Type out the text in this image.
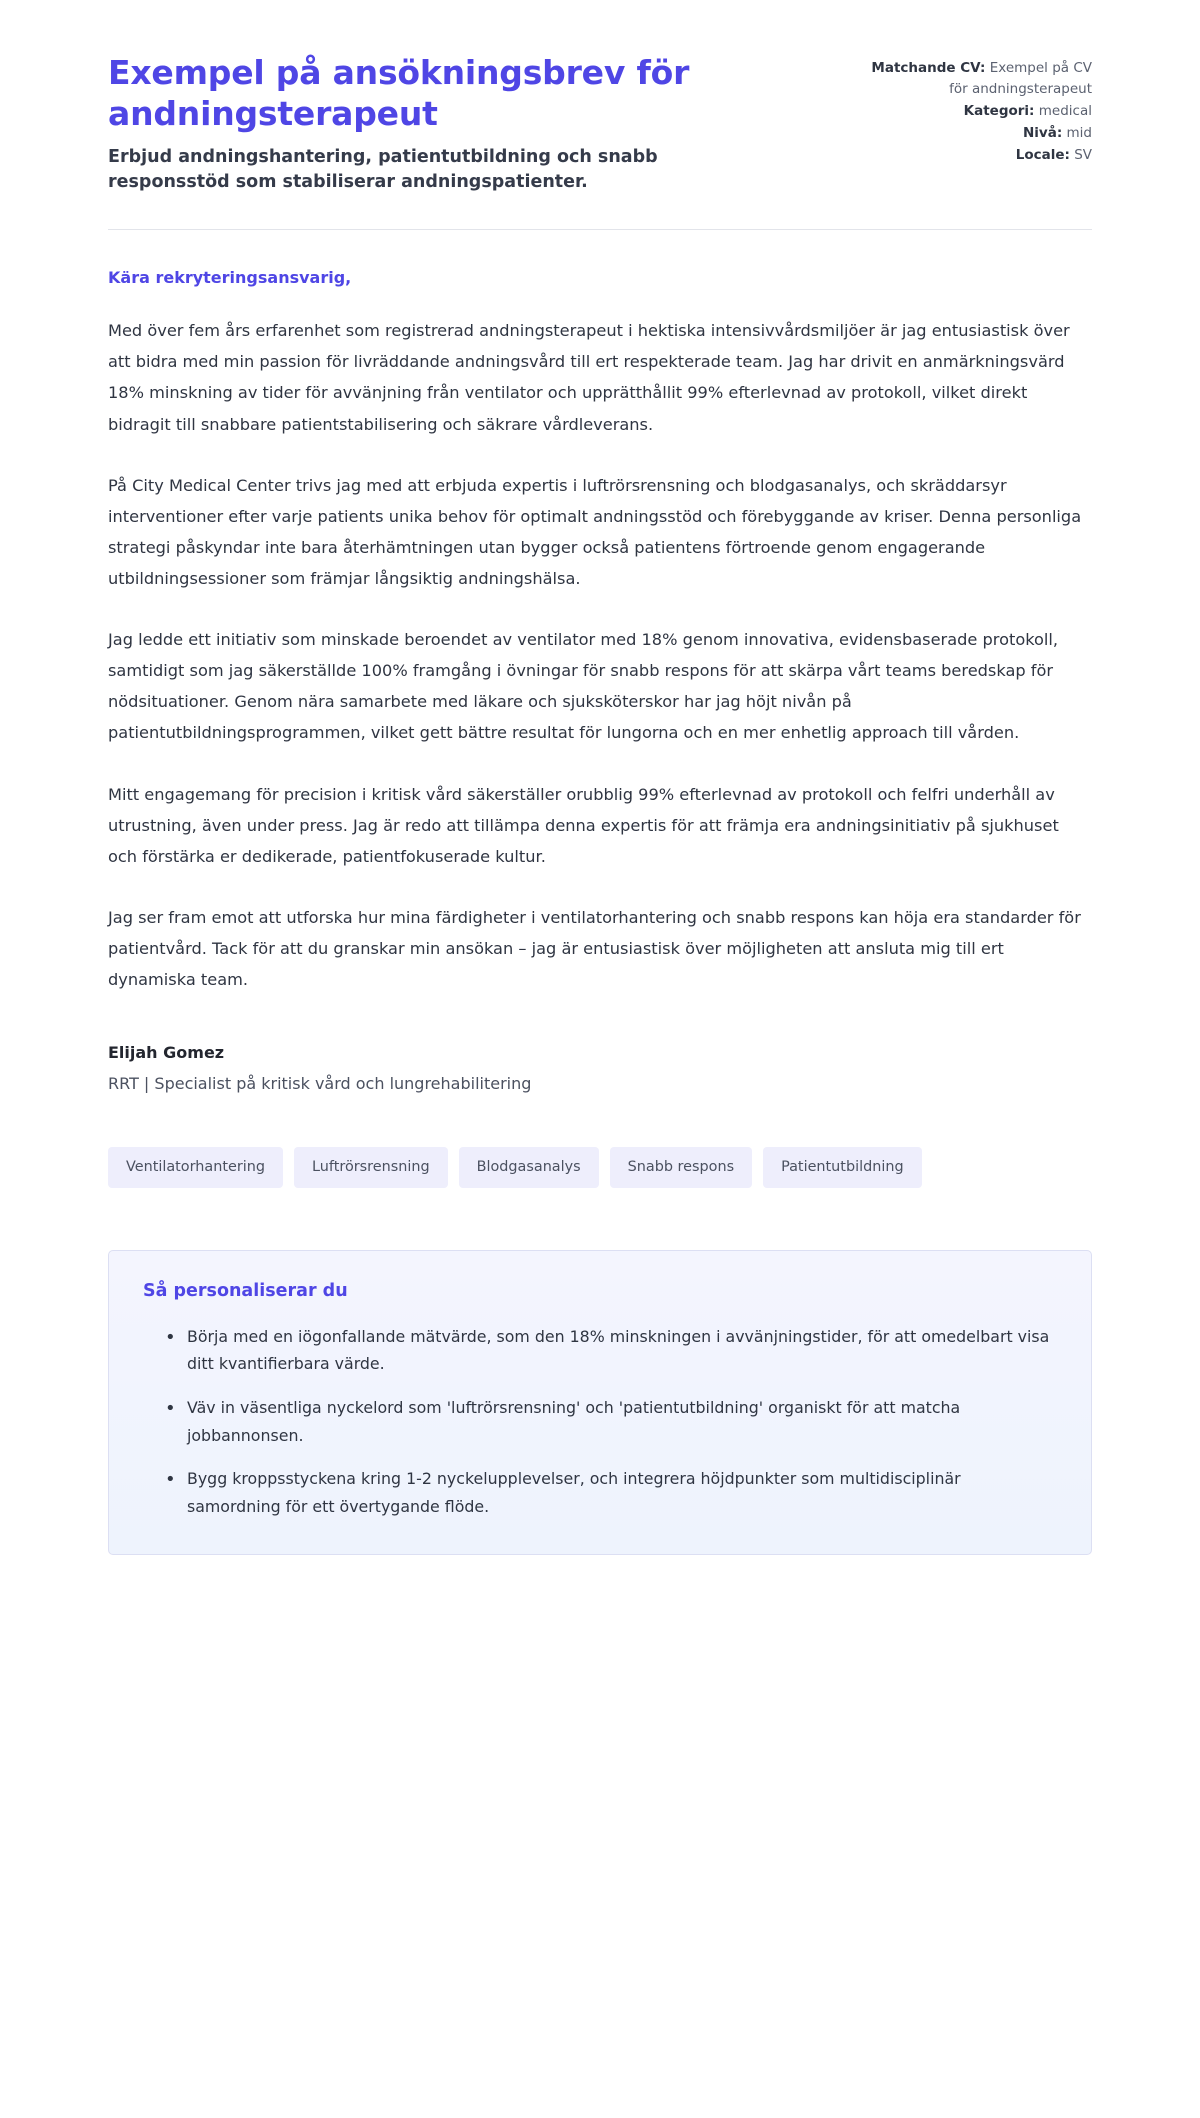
Exempel på ansökningsbrev för andningsterapeut

Erbjud andningshantering, patientutbildning och snabb responsstöd som stabiliserar andningspatienter.

Matchande CV: Exempel på CV för andningsterapeut
Kategori: medical
Nivå: mid
Locale: SV

Kära rekryteringsansvarig,

Med över fem års erfarenhet som registrerad andningsterapeut i hektiska intensivvårdsmiljöer är jag entusiastisk över att bidra med min passion för livräddande andningsvård till ert respekterade team. Jag har drivit en anmärkningsvärd 18% minskning av tider för avvänjning från ventilator och upprätthållit 99% efterlevnad av protokoll, vilket direkt bidragit till snabbare patientstabilisering och säkrare vårdleverans.

På City Medical Center trivs jag med att erbjuda expertis i luftrörsrensning och blodgasanalys, och skräddarsyr interventioner efter varje patients unika behov för optimalt andningsstöd och förebyggande av kriser. Denna personliga strategi påskyndar inte bara återhämtningen utan bygger också patientens förtroende genom engagerande utbildningsessioner som främjar långsiktig andningshälsa.

Jag ledde ett initiativ som minskade beroendet av ventilator med 18% genom innovativa, evidensbaserade protokoll, samtidigt som jag säkerställde 100% framgång i övningar för snabb respons för att skärpa vårt teams beredskap för nödsituationer. Genom nära samarbete med läkare och sjuksköterskor har jag höjt nivån på patientutbildningsprogrammen, vilket gett bättre resultat för lungorna och en mer enhetlig approach till vården.

Mitt engagemang för precision i kritisk vård säkerställer orubblig 99% efterlevnad av protokoll och felfri underhåll av utrustning, även under press. Jag är redo att tillämpa denna expertis för att främja era andningsinitiativ på sjukhuset och förstärka er dedikerade, patientfokuserade kultur.

Jag ser fram emot att utforska hur mina färdigheter i ventilatorhantering och snabb respons kan höja era standarder för patientvård. Tack för att du granskar min ansökan – jag är entusiastisk över möjligheten att ansluta mig till ert dynamiska team.

Elijah Gomez

RRT | Specialist på kritisk vård och lungrehabilitering

Ventilatorhantering	Luftrörsrensning	Blodgasanalys	Snabb respons	Patientutbildning
Så personaliserar du
• Börja med en iögonfallande mätvärde, som den 18% minskningen i avvänjningstider, för att omedelbart visa ditt kvantifierbara värde.
• Väv in väsentliga nyckelord som 'luftrörsrensning' och 'patientutbildning' organiskt för att matcha jobbannonsen.
• Bygg kroppsstyckena kring 1-2 nyckelupplevelser, och integrera höjdpunkter som multidisciplinär samordning för ett övertygande flöde.
